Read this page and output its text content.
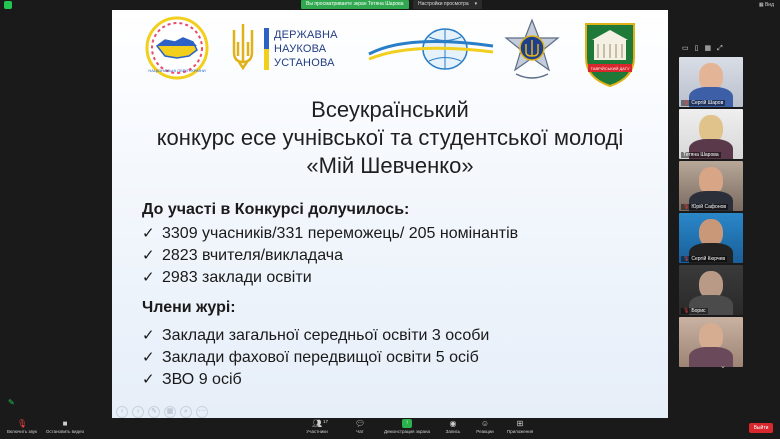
Вы просматриваете экран Тетяна Шарова	Настройки просмотра ▾	▦ Вид
НАЦІОНАЛЬНІ ОБРІЇ УКРАЇНИ
ДЕРЖАВНА
НАУКОВА
УСТАНОВА	ТАВРІЙСЬКИЙ ДАТУ
Всеукраїнський
конкурс есе учнівської та студентської молоді
«Мій Шевченко»
До участі в Конкурсі долучилось:
✓ 3309 учасників/331 переможець/ 205 номінантів
✓ 2823 вчителя/викладача
✓ 2983 заклади освіти
Члени журі:
✓ Заклади загальної середньої освіти 3 особи
✓ Заклади фахової передвищої освіти 5 осіб
✓ ЗВО 9 осіб
‹ › ✎ ▦ ⌕ ⋯
✎
▭ ▯ ▦ ⤢
🎙︎ Сергій Шаров
Тетяна Шарова
🎙︎ Юрій Сафонов
🎙︎ Сергій Кюрчев
🎙︎ Борис
⌄
🎙︎
Включить звук
■
Остановить видео
👥︎ 17
Участники
💬︎
Чат
↑
Демонстрация экрана
◉
Запись
☺
Реакции
⊞
Приложения
Выйти
